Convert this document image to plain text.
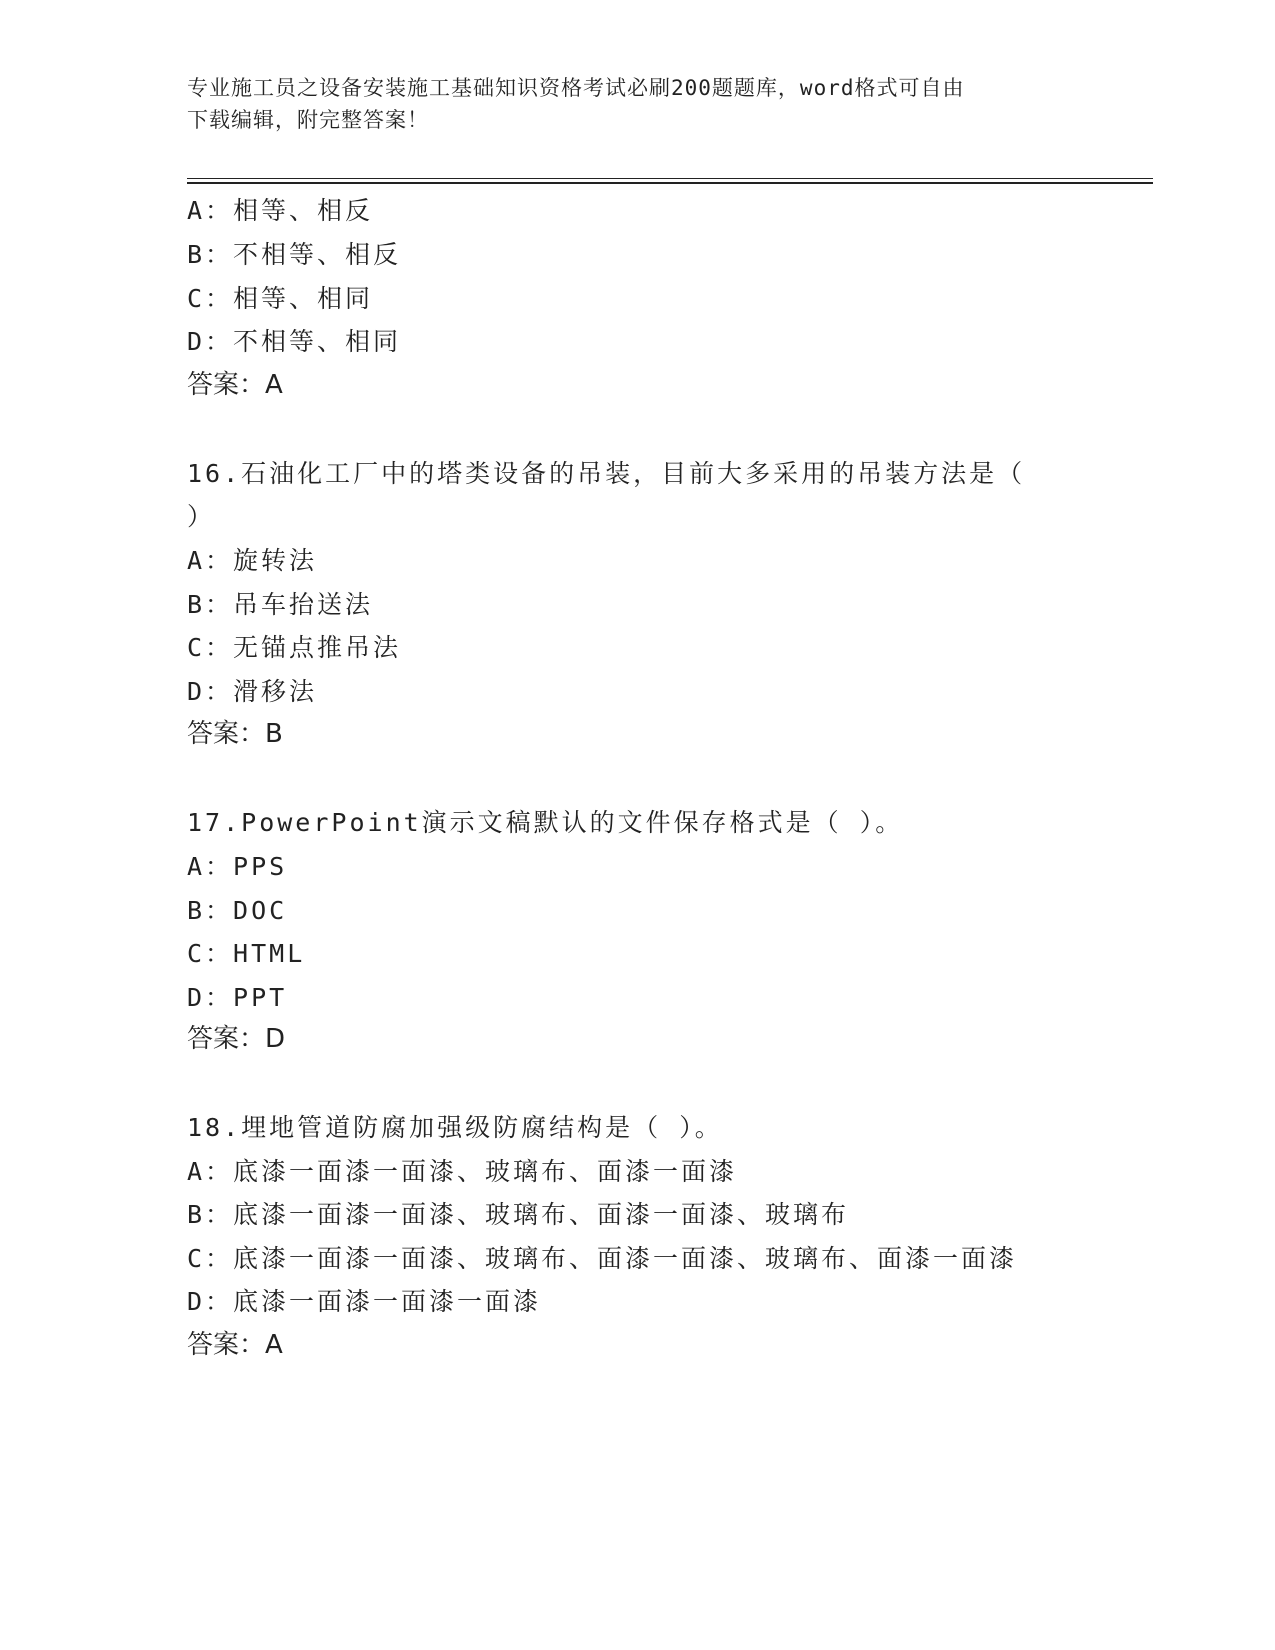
专业施工员之设备安装施工基础知识资格考试必刷200题题库，word格式可自由
下载编辑，附完整答案！
A：相等、相反
B：不相等、相反
C：相等、相同
D：不相等、相同
答案：A
16.石油化工厂中的塔类设备的吊装，目前大多采用的吊装方法是（
）
A：旋转法
B：吊车抬送法
C：无锚点推吊法
D：滑移法
答案：B
17.PowerPoint演示文稿默认的文件保存格式是（ ）。
A：PPS
B：DOC
C：HTML
D：PPT
答案：D
18.埋地管道防腐加强级防腐结构是（ ）。
A：底漆一面漆一面漆、玻璃布、面漆一面漆
B：底漆一面漆一面漆、玻璃布、面漆一面漆、玻璃布
C：底漆一面漆一面漆、玻璃布、面漆一面漆、玻璃布、面漆一面漆
D：底漆一面漆一面漆一面漆
答案：A
